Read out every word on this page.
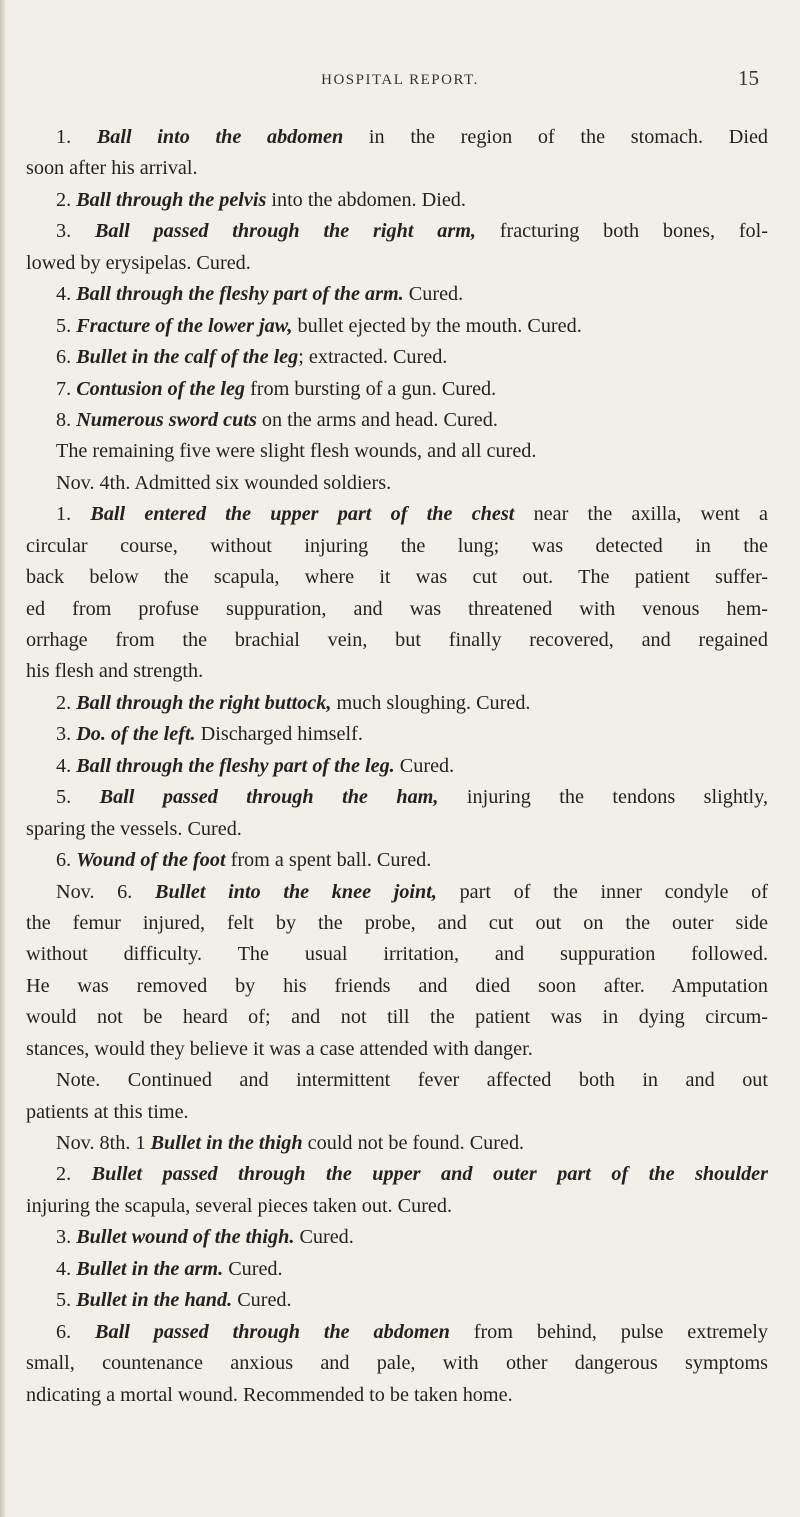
HOSPITAL REPORT.	15
1. Ball into the abdomen in the region of the stomach. Died
soon after his arrival.
2. Ball through the pelvis into the abdomen. Died.
3. Ball passed through the right arm, fracturing both bones, fol-
lowed by erysipelas. Cured.
4. Ball through the fleshy part of the arm. Cured.
5. Fracture of the lower jaw, bullet ejected by the mouth. Cured.
6. Bullet in the calf of the leg; extracted. Cured.
7. Contusion of the leg from bursting of a gun. Cured.
8. Numerous sword cuts on the arms and head. Cured.
The remaining five were slight flesh wounds, and all cured.
Nov. 4th. Admitted six wounded soldiers.
1. Ball entered the upper part of the chest near the axilla, went a
circular course, without injuring the lung; was detected in the
back below the scapula, where it was cut out. The patient suffer-
ed from profuse suppuration, and was threatened with venous hem-
orrhage from the brachial vein, but finally recovered, and regained
his flesh and strength.
2. Ball through the right buttock, much sloughing. Cured.
3. Do. of the left. Discharged himself.
4. Ball through the fleshy part of the leg. Cured.
5. Ball passed through the ham, injuring the tendons slightly,
sparing the vessels. Cured.
6. Wound of the foot from a spent ball. Cured.
Nov. 6. Bullet into the knee joint, part of the inner condyle of
the femur injured, felt by the probe, and cut out on the outer side
without difficulty. The usual irritation, and suppuration followed.
He was removed by his friends and died soon after. Amputation
would not be heard of; and not till the patient was in dying circum-
stances, would they believe it was a case attended with danger.
Note. Continued and intermittent fever affected both in and out
patients at this time.
Nov. 8th. 1 Bullet in the thigh could not be found. Cured.
2. Bullet passed through the upper and outer part of the shoulder
injuring the scapula, several pieces taken out. Cured.
3. Bullet wound of the thigh. Cured.
4. Bullet in the arm. Cured.
5. Bullet in the hand. Cured.
6. Ball passed through the abdomen from behind, pulse extremely
small, countenance anxious and pale, with other dangerous symptoms
ndicating a mortal wound. Recommended to be taken home.
